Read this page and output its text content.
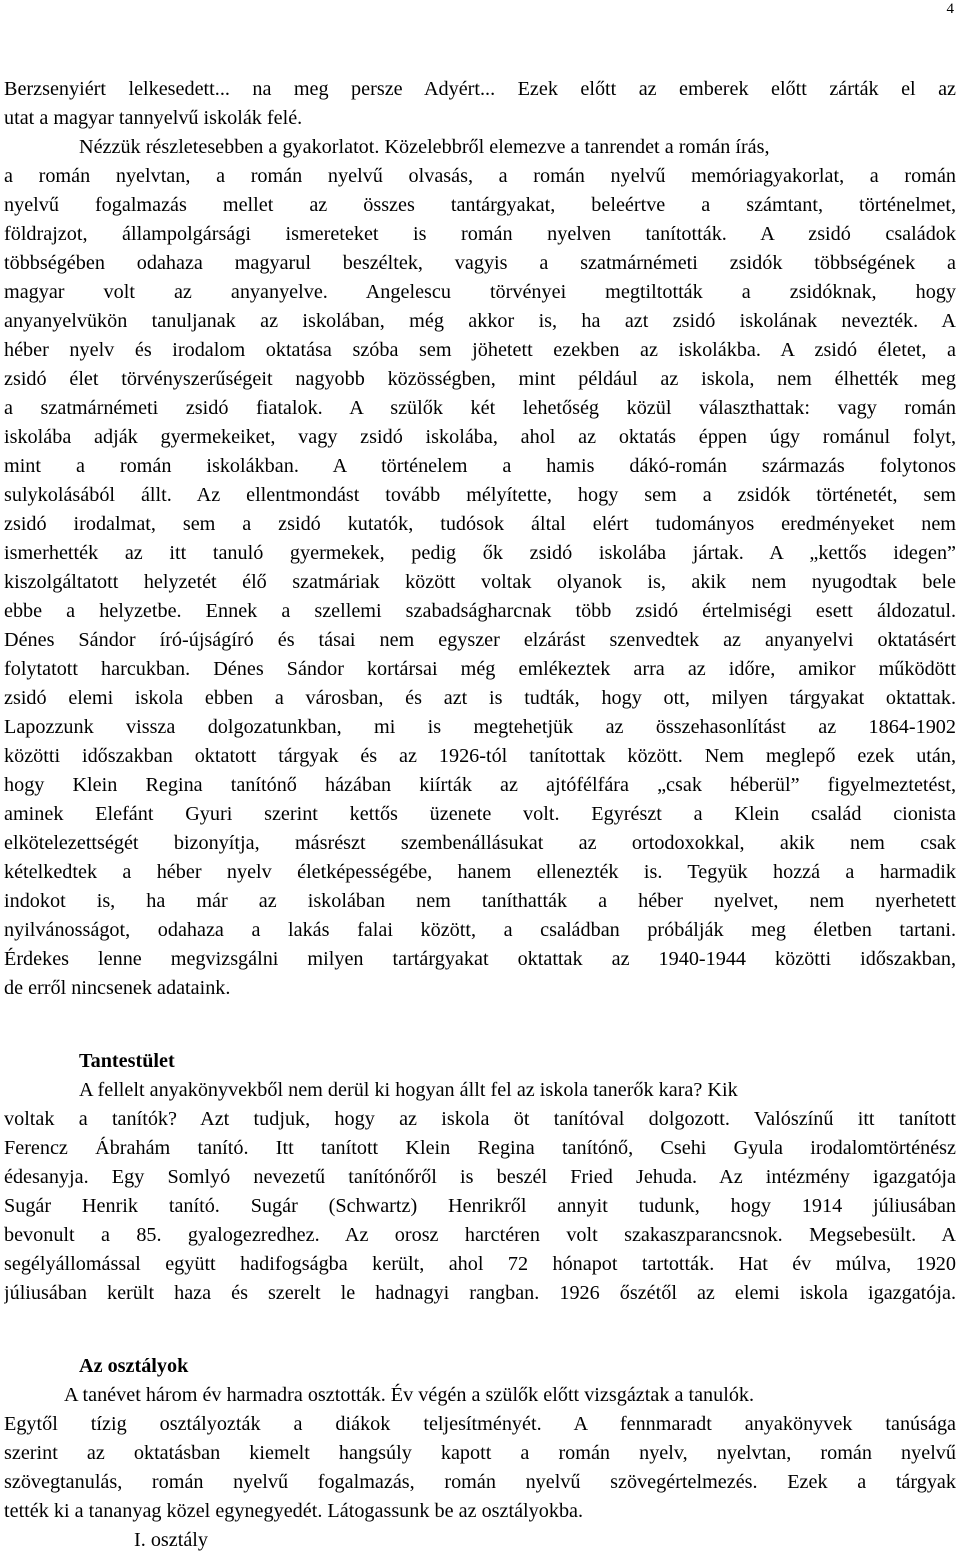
4
Berzsenyiért lelkesedett... na meg persze Adyért... Ezek előtt az emberek előtt zárták el az
utat a magyar tannyelvű iskolák felé.
Nézzük részletesebben a gyakorlatot. Közelebbről elemezve a tanrendet a román írás,
a román nyelvtan, a román nyelvű olvasás, a román nyelvű memóriagyakorlat, a román
nyelvű fogalmazás mellet az összes tantárgyakat, beleértve a számtant, történelmet,
földrajzot, állampolgársági ismereteket is román nyelven tanították. A zsidó családok
többségében odahaza magyarul beszéltek, vagyis a szatmárnémeti zsidók többségének a
magyar volt az anyanyelve. Angelescu törvényei megtiltották a zsidóknak, hogy
anyanyelvükön tanuljanak az iskolában, még akkor is, ha azt zsidó iskolának nevezték. A
héber nyelv és irodalom oktatása szóba sem jöhetett ezekben az iskolákba. A zsidó életet, a
zsidó élet törvényszerűségeit nagyobb közösségben, mint például az iskola, nem élhették meg
a szatmárnémeti zsidó fiatalok. A szülők két lehetőség közül választhattak: vagy román
iskolába adják gyermekeiket, vagy zsidó iskolába, ahol az oktatás éppen úgy románul folyt,
mint a román iskolákban. A történelem a hamis dákó-román származás folytonos
sulykolásából állt. Az ellentmondást tovább mélyítette, hogy sem a zsidók történetét, sem
zsidó irodalmat, sem a zsidó kutatók, tudósok által elért tudományos eredményeket nem
ismerhették az itt tanuló gyermekek, pedig ők zsidó iskolába jártak. A „kettős idegen”
kiszolgáltatott helyzetét élő szatmáriak között voltak olyanok is, akik nem nyugodtak bele
ebbe a helyzetbe. Ennek a szellemi szabadságharcnak több zsidó értelmiségi esett áldozatul.
Dénes Sándor író-újságíró és tásai nem egyszer elzárást szenvedtek az anyanyelvi oktatásért
folytatott harcukban. Dénes Sándor kortársai még emlékeztek arra az időre, amikor működött
zsidó elemi iskola ebben a városban, és azt is tudták, hogy ott, milyen tárgyakat oktattak.
Lapozzunk vissza dolgozatunkban, mi is megtehetjük az összehasonlítást az 1864-1902
közötti időszakban oktatott tárgyak és az 1926-tól tanítottak között. Nem meglepő ezek után,
hogy Klein Regina tanítónő házában kiírták az ajtófélfára „csak héberül” figyelmeztetést,
aminek Elefánt Gyuri szerint kettős üzenete volt. Egyrészt a Klein család cionista
elkötelezettségét bizonyítja, másrészt szembenállásukat az ortodoxokkal, akik nem csak
kételkedtek a héber nyelv életképességébe, hanem ellenezték is. Tegyük hozzá a harmadik
indokot is, ha már az iskolában nem taníthatták a héber nyelvet, nem nyerhetett
nyilvánosságot, odahaza a lakás falai között, a családban próbálják meg életben tartani.
Érdekes lenne megvizsgálni milyen tartárgyakat oktattak az 1940-1944 közötti időszakban,
de erről nincsenek adataink.
Tantestület
A fellelt anyakönyvekből nem derül ki hogyan állt fel az iskola tanerők kara? Kik
voltak a tanítók? Azt tudjuk, hogy az iskola öt tanítóval dolgozott. Valószínű itt tanított
Ferencz Ábrahám tanító. Itt tanított Klein Regina tanítónő, Csehi Gyula irodalomtörténész
édesanyja. Egy Somlyó nevezetű tanítónőről is beszél Fried Jehuda. Az intézmény igazgatója
Sugár Henrik tanító. Sugár (Schwartz) Henrikről annyit tudunk, hogy 1914 júliusában
bevonult a 85. gyalogezredhez. Az orosz harctéren volt szakaszparancsnok. Megsebesült. A
segélyállomással együtt hadifogságba került, ahol 72 hónapot tartották. Hat év múlva, 1920
júliusában került haza és szerelt le hadnagyi rangban. 1926 őszétől az elemi iskola igazgatója.
Az osztályok
A tanévet három év harmadra osztották. Év végén a szülők előtt vizsgáztak a tanulók.
Egytől tízig osztályozták a diákok teljesítményét. A fennmaradt anyakönyvek tanúsága
szerint az oktatásban kiemelt hangsúly kapott a román nyelv, nyelvtan, román nyelvű
szövegtanulás, román nyelvű fogalmazás, román nyelvű szövegértelmezés. Ezek a tárgyak
tették ki a tananyag közel egynegyedét. Látogassunk be az osztályokba.
I. osztály
